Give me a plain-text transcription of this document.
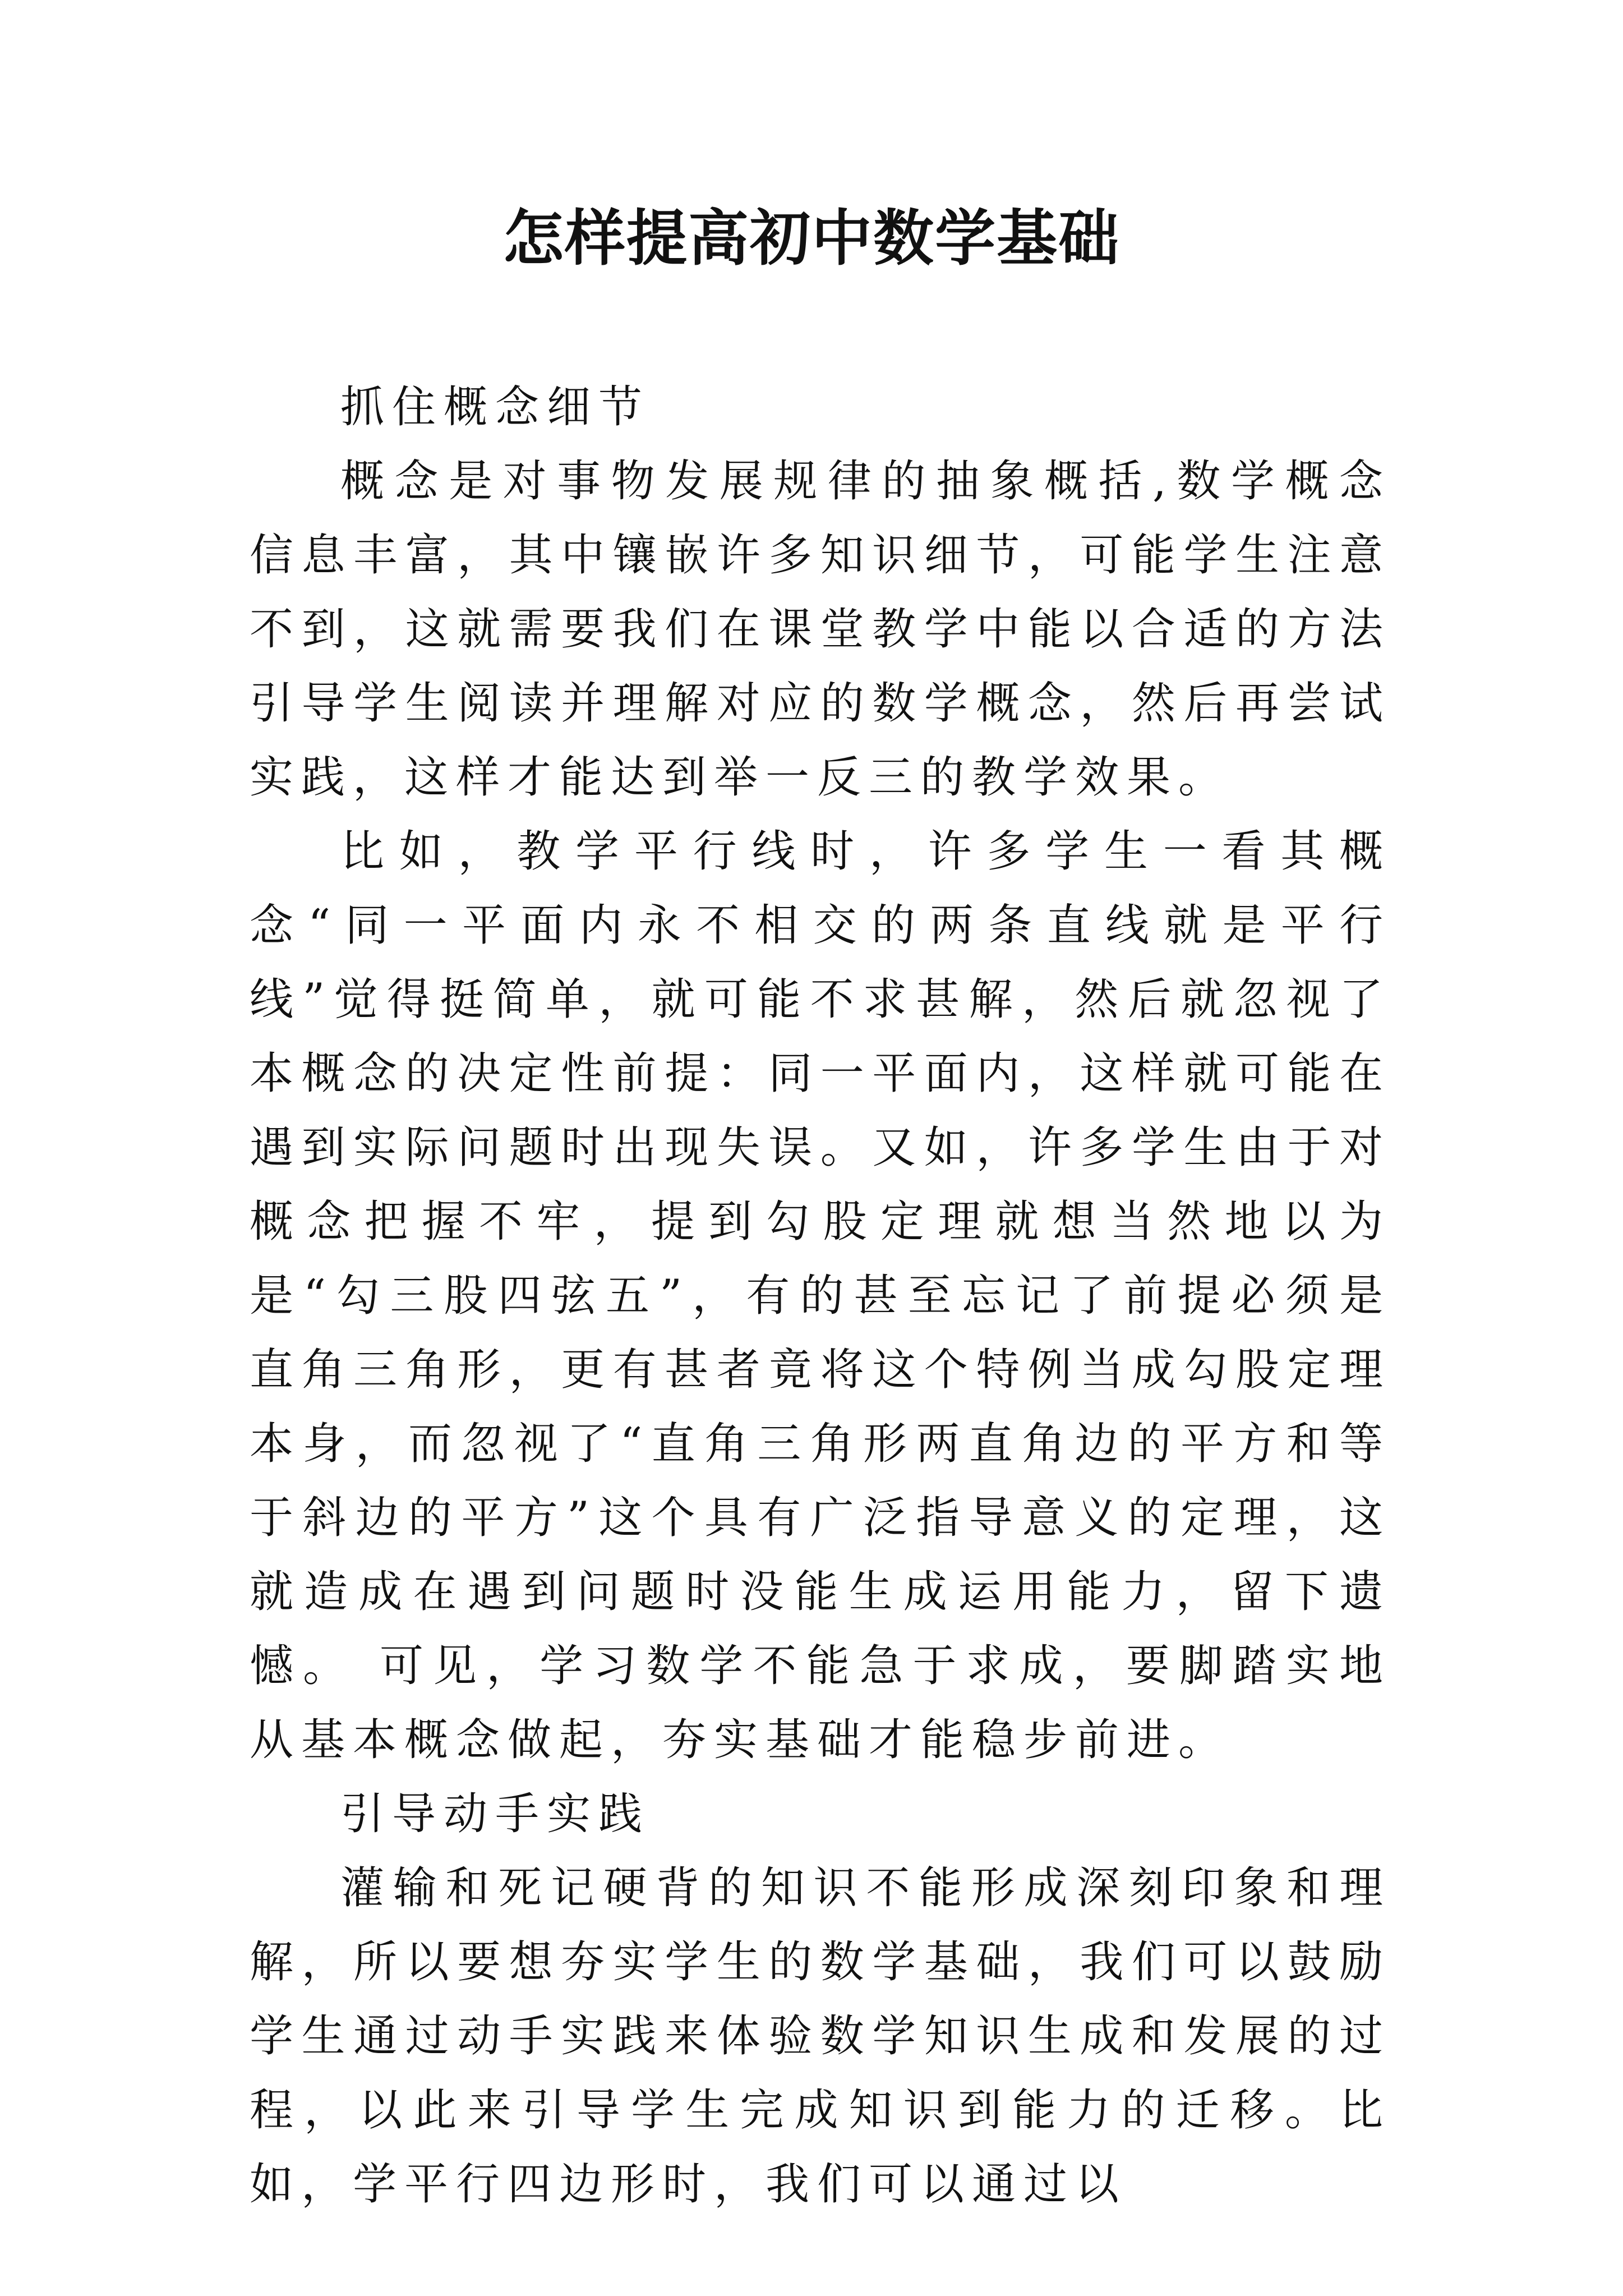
怎样提高初中数学基础

抓住概念细节

概念是对事物发展规律的抽象概括,数学概念信息丰富，其中镶嵌许多知识细节，可能学生注意不到，这就需要我们在课堂教学中能以合适的方法引导学生阅读并理解对应的数学概念，然后再尝试实践，这样才能达到举一反三的教学效果。

比如，教学平行线时，许多学生一看其概念“同一平面内永不相交的两条直线就是平行线”觉得挺简单，就可能不求甚解，然后就忽视了本概念的决定性前提：同一平面内，这样就可能在遇到实际问题时出现失误。又如，许多学生由于对概念把握不牢，提到勾股定理就想当然地以为是“勾三股四弦五”，有的甚至忘记了前提必须是直角三角形，更有甚者竟将这个特例当成勾股定理本身，而忽视了“直角三角形两直角边的平方和等于斜边的平方”这个具有广泛指导意义的定理，这就造成在遇到问题时没能生成运用能力，留下遗憾。 可见，学习数学不能急于求成，要脚踏实地从基本概念做起，夯实基础才能稳步前进。

引导动手实践

灌输和死记硬背的知识不能形成深刻印象和理解，所以要想夯实学生的数学基础，我们可以鼓励学生通过动手实践来体验数学知识生成和发展的过程，以此来引导学生完成知识到能力的迁移。比如，学平行四边形时，我们可以通过以
